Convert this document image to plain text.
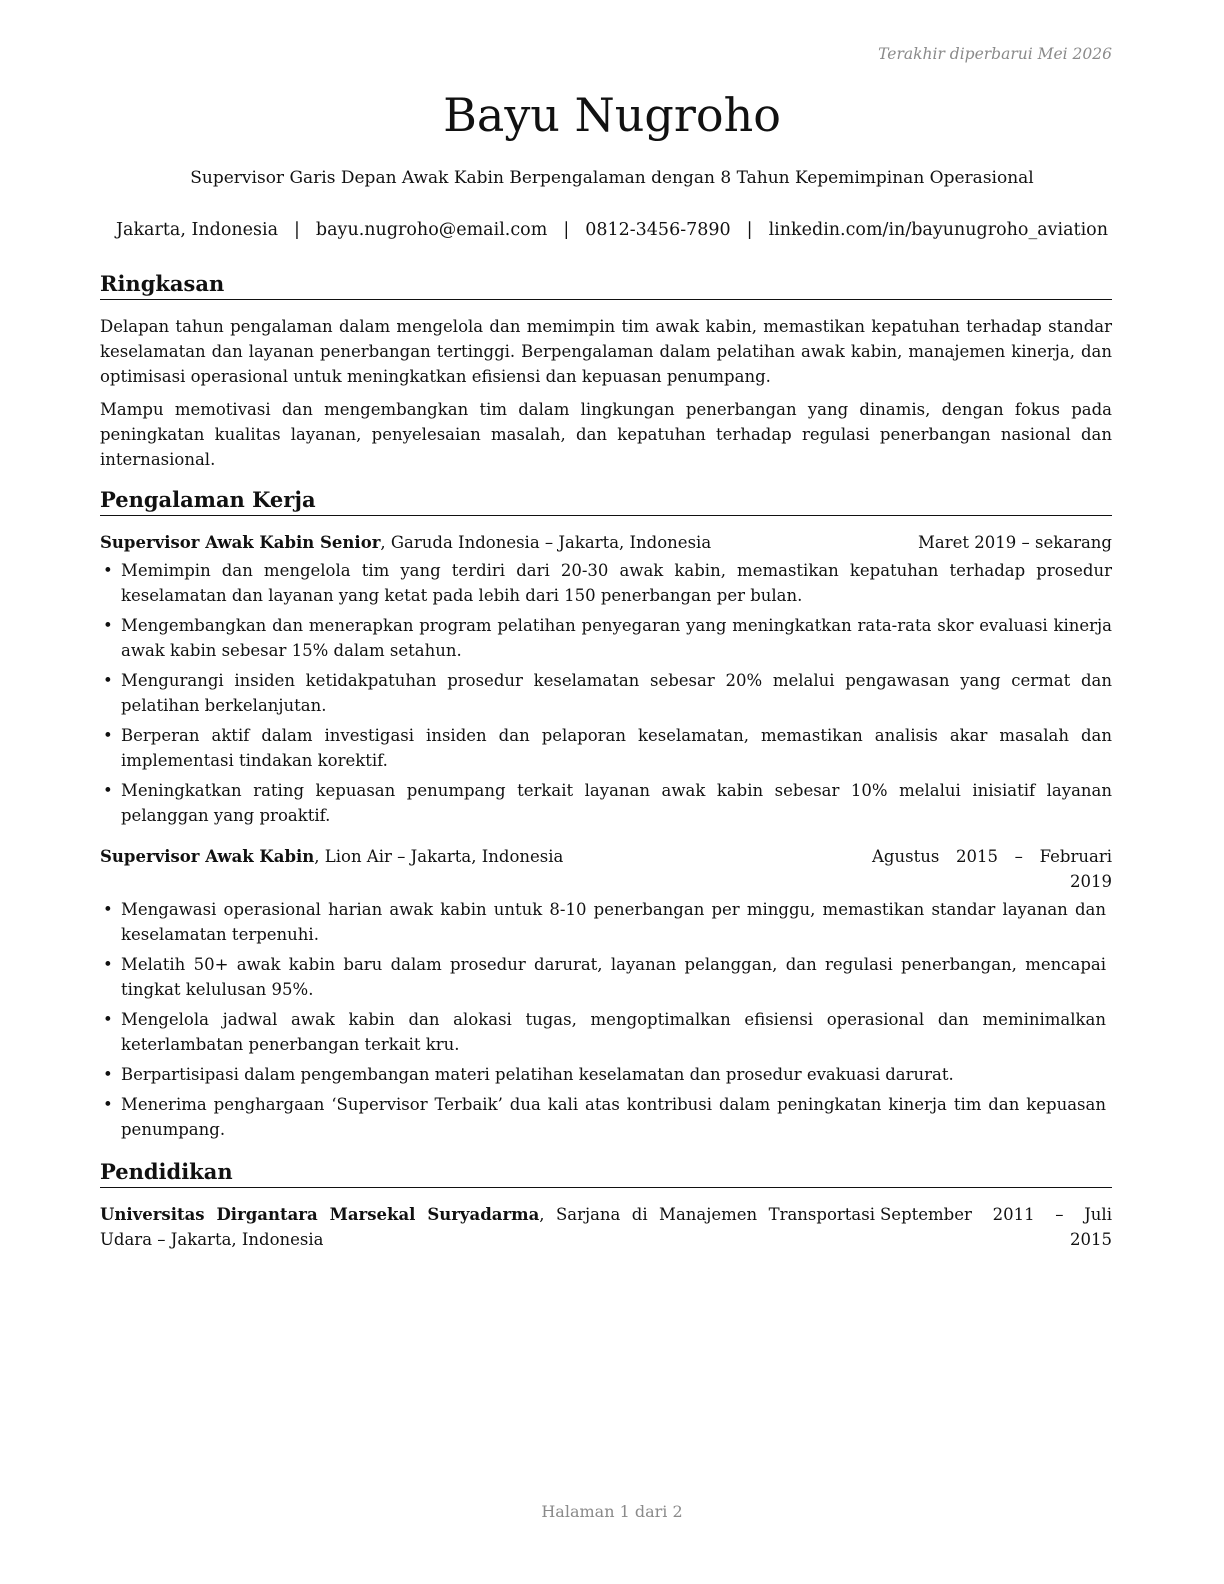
Terakhir diperbarui Mei 2026
Bayu Nugroho
Supervisor Garis Depan Awak Kabin Berpengalaman dengan 8 Tahun Kepemimpinan Operasional
Jakarta, Indonesia | bayu.nugroho@email.com | 0812-3456-7890 | linkedin.com/in/bayunugroho_aviation
Ringkasan

Delapan tahun pengalaman dalam mengelola dan memimpin tim awak kabin, memastikan kepatuhan terhadap standar keselamatan dan layanan penerbangan tertinggi. Berpengalaman dalam pelatihan awak kabin, manajemen kinerja, dan optimisasi operasional untuk meningkatkan efisiensi dan kepuasan penumpang.

Mampu memotivasi dan mengembangkan tim dalam lingkungan penerbangan yang dinamis, dengan fokus pada peningkatan kualitas layanan, penyelesaian masalah, dan kepatuhan terhadap regulasi penerbangan nasional dan internasional.

Pengalaman Kerja
Supervisor Awak Kabin Senior, Garuda Indonesia – Jakarta, Indonesia	Maret 2019 – sekarang
• Memimpin dan mengelola tim yang terdiri dari 20-30 awak kabin, memastikan kepatuhan terhadap prosedur keselamatan dan layanan yang ketat pada lebih dari 150 penerbangan per bulan.
• Mengembangkan dan menerapkan program pelatihan penyegaran yang meningkatkan rata-rata skor evaluasi kinerja awak kabin sebesar 15% dalam setahun.
• Mengurangi insiden ketidakpatuhan prosedur keselamatan sebesar 20% melalui pengawasan yang cermat dan pelatihan berkelanjutan.
• Berperan aktif dalam investigasi insiden dan pelaporan keselamatan, memastikan analisis akar masalah dan implementasi tindakan korektif.
• Meningkatkan rating kepuasan penumpang terkait layanan awak kabin sebesar 10% melalui inisiatif layanan pelanggan yang proaktif.
Supervisor Awak Kabin, Lion Air – Jakarta, Indonesia	Agustus 2015 – Februari 2019
• Mengawasi operasional harian awak kabin untuk 8-10 penerbangan per minggu, memastikan standar layanan dan keselamatan terpenuhi.
• Melatih 50+ awak kabin baru dalam prosedur darurat, layanan pelanggan, dan regulasi penerbangan, mencapai tingkat kelulusan 95%.
• Mengelola jadwal awak kabin dan alokasi tugas, mengoptimalkan efisiensi operasional dan meminimalkan keterlambatan penerbangan terkait kru.
• Berpartisipasi dalam pengembangan materi pelatihan keselamatan dan prosedur evakuasi darurat.
• Menerima penghargaan ‘Supervisor Terbaik’ dua kali atas kontribusi dalam peningkatan kinerja tim dan kepuasan penumpang.
Pendidikan
Universitas Dirgantara Marsekal Suryadarma, Sarjana di Manajemen Transportasi Udara – Jakarta, Indonesia
September 2011 – Juli 2015
Halaman 1 dari 2
